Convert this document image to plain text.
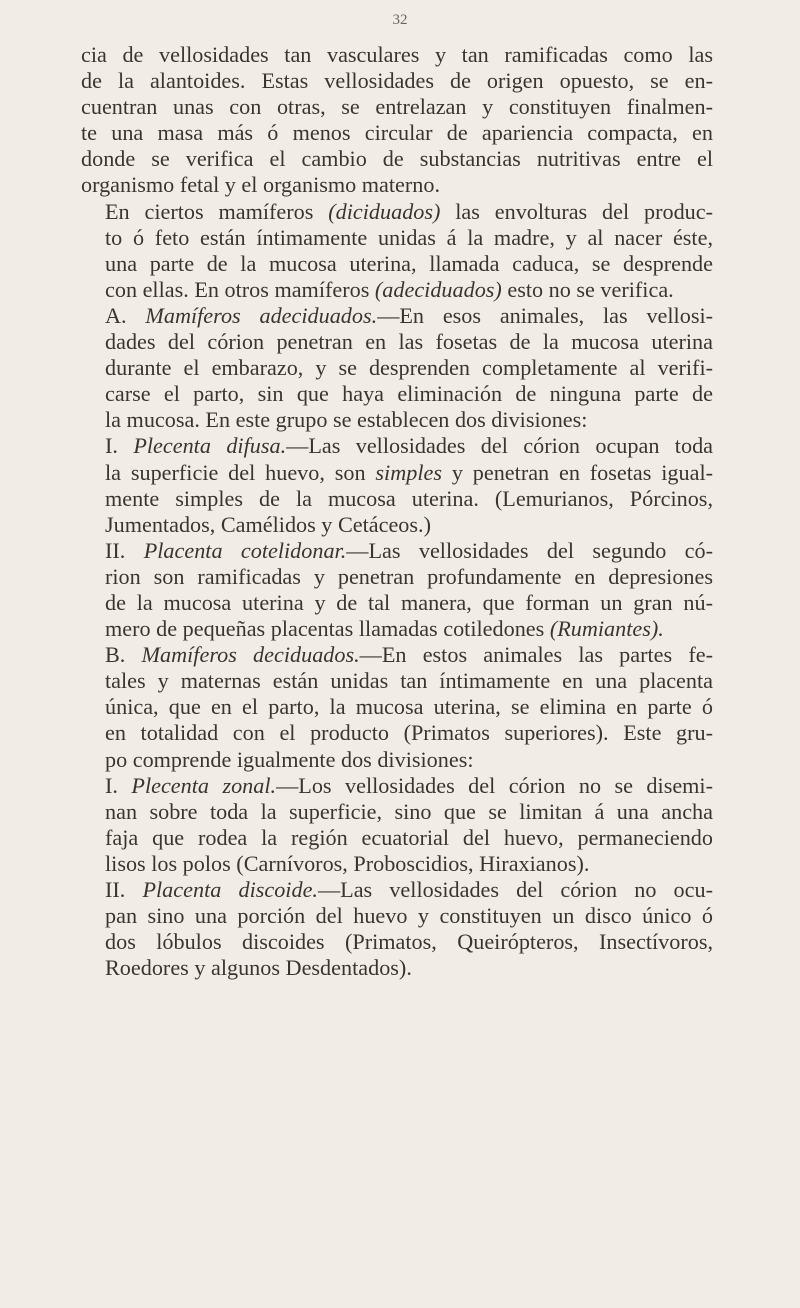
32

cia de vellosidades tan vasculares y tan ramificadas como las
de la alantoides. Estas vellosidades de origen opuesto, se en-
cuentran unas con otras, se entrelazan y constituyen finalmen-
te una masa más ó menos circular de apariencia compacta, en
donde se verifica el cambio de substancias nutritivas entre el
organismo fetal y el organismo materno.

En ciertos mamíferos (diciduados) las envolturas del produc-
to ó feto están íntimamente unidas á la madre, y al nacer éste,
una parte de la mucosa uterina, llamada caduca, se desprende
con ellas. En otros mamíferos (adeciduados) esto no se verifica.

A. Mamíferos adeciduados.—En esos animales, las vellosi-
dades del córion penetran en las fosetas de la mucosa uterina
durante el embarazo, y se desprenden completamente al verifi-
carse el parto, sin que haya eliminación de ninguna parte de
la mucosa. En este grupo se establecen dos divisiones:

I. Plecenta difusa.—Las vellosidades del córion ocupan toda
la superficie del huevo, son simples y penetran en fosetas igual-
mente simples de la mucosa uterina. (Lemurianos, Pórcinos,
Jumentados, Camélidos y Cetáceos.)

II. Placenta cotelidonar.—Las vellosidades del segundo có-
rion son ramificadas y penetran profundamente en depresiones
de la mucosa uterina y de tal manera, que forman un gran nú-
mero de pequeñas placentas llamadas cotiledones (Rumiantes).

B. Mamíferos deciduados.—En estos animales las partes fe-
tales y maternas están unidas tan íntimamente en una placenta
única, que en el parto, la mucosa uterina, se elimina en parte ó
en totalidad con el producto (Primatos superiores). Este gru-
po comprende igualmente dos divisiones:

I. Plecenta zonal.—Los vellosidades del córion no se disemi-
nan sobre toda la superficie, sino que se limitan á una ancha
faja que rodea la región ecuatorial del huevo, permaneciendo
lisos los polos (Carnívoros, Proboscidios, Hiraxianos).

II. Placenta discoide.—Las vellosidades del córion no ocu-
pan sino una porción del huevo y constituyen un disco único ó
dos lóbulos discoides (Primatos, Queirópteros, Insectívoros,
Roedores y algunos Desdentados).
